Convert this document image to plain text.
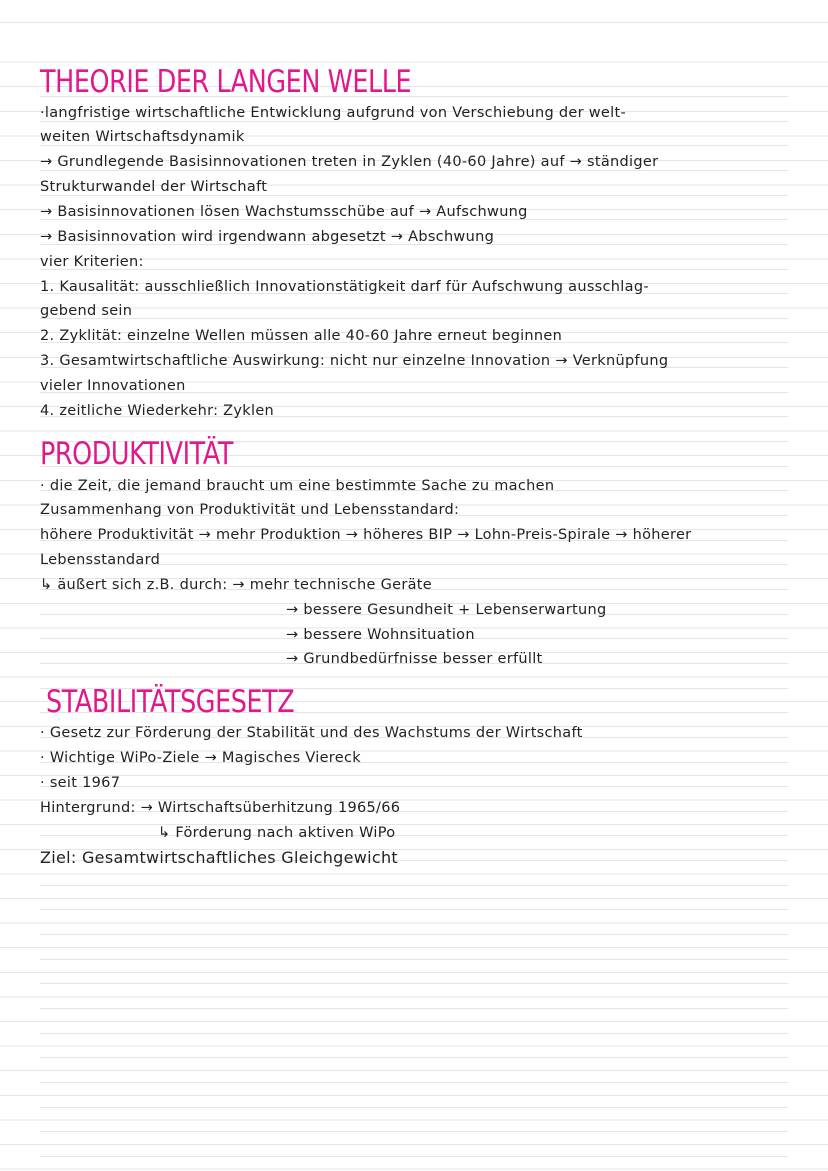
THEORIE DER LANGEN WELLE
·langfristige wirtschaftliche Entwicklung aufgrund von Verschiebung der welt-
weiten Wirtschaftsdynamik
→ Grundlegende Basisinnovationen treten in Zyklen (40-60 Jahre) auf → ständiger
Strukturwandel der Wirtschaft
→ Basisinnovationen lösen Wachstumsschübe auf → Aufschwung
→ Basisinnovation wird irgendwann abgesetzt → Abschwung
vier Kriterien:
1. Kausalität: ausschließlich Innovationstätigkeit darf für Aufschwung ausschlag-
gebend sein
2. Zyklität: einzelne Wellen müssen alle 40-60 Jahre erneut beginnen
3. Gesamtwirtschaftliche Auswirkung: nicht nur einzelne Innovation → Verknüpfung
vieler Innovationen
4. zeitliche Wiederkehr: Zyklen
PRODUKTIVITÄT
· die Zeit, die jemand braucht um eine bestimmte Sache zu machen
Zusammenhang von Produktivität und Lebensstandard:
höhere Produktivität → mehr Produktion → höheres BIP → Lohn-Preis-Spirale → höherer
Lebensstandard
↳ äußert sich z.B. durch: → mehr technische Geräte
→ bessere Gesundheit + Lebenserwartung
→ bessere Wohnsituation
→ Grundbedürfnisse besser erfüllt
STABILITÄTSGESETZ
· Gesetz zur Förderung der Stabilität und des Wachstums der Wirtschaft
· Wichtige WiPo-Ziele → Magisches Viereck
· seit 1967
Hintergrund: → Wirtschaftsüberhitzung 1965/66
↳ Förderung nach aktiven WiPo
Ziel: Gesamtwirtschaftliches Gleichgewicht
